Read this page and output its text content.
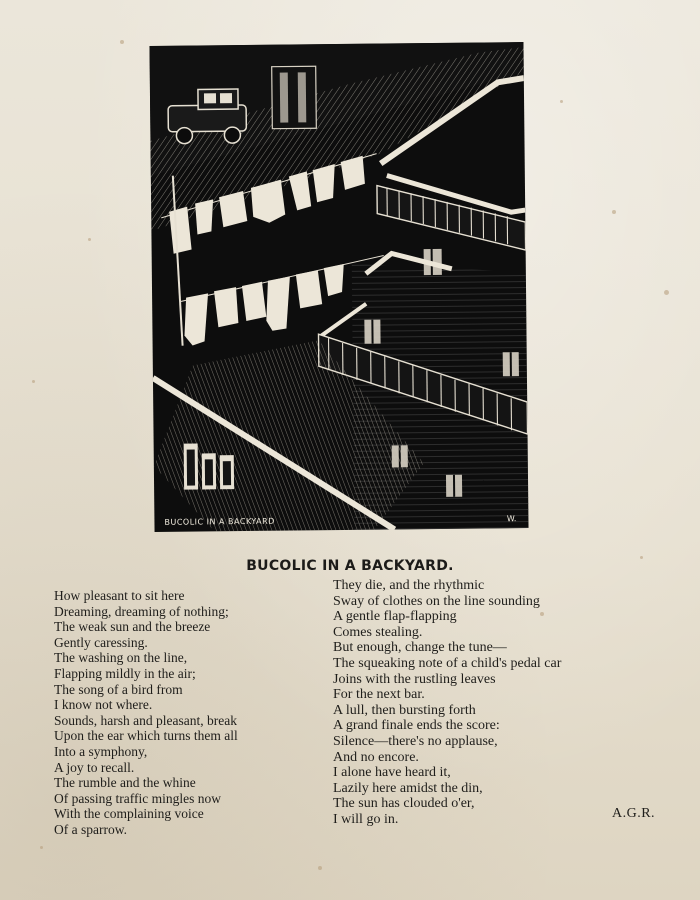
BUCOLIC IN A BACKYARD	W.
BUCOLIC IN A BACKYARD.
How pleasant to sit here
Dreaming, dreaming of nothing;
The weak sun and the breeze
Gently caressing.
The washing on the line,
Flapping mildly in the air;
The song of a bird from
I know not where.
Sounds, harsh and pleasant, break
Upon the ear which turns them all
Into a symphony,
A joy to recall.
The rumble and the whine
Of passing traffic mingles now
With the complaining voice
Of a sparrow.
They die, and the rhythmic
Sway of clothes on the line sounding
A gentle flap-flapping
Comes stealing.
But enough, change the tune—
The squeaking note of a child's pedal car
Joins with the rustling leaves
For the next bar.
A lull, then bursting forth
A grand finale ends the score:
Silence—there's no applause,
And no encore.
I alone have heard it,
Lazily here amidst the din,
The sun has clouded o'er,
I will go in.	A.G.R.
